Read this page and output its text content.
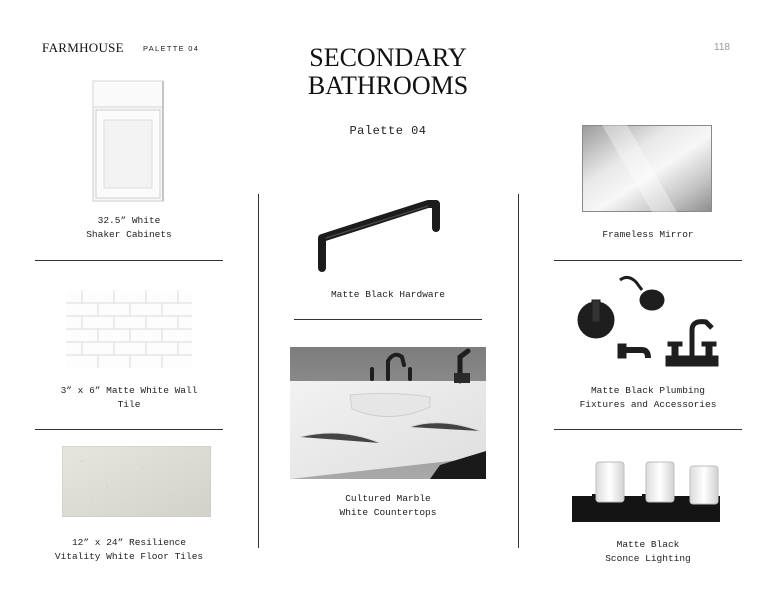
FARMHOUSE	PALETTE 04	118
SECONDARY
BATHROOMS
Palette 04
32.5” White
Shaker Cabinets
3” x 6” Matte White Wall
Tile
12” x 24” Resilience
Vitality White Floor Tiles
Matte Black Hardware
Cultured Marble
White Countertops
Frameless Mirror
Matte Black Plumbing
Fixtures and Accessories
Matte Black
Sconce Lighting
